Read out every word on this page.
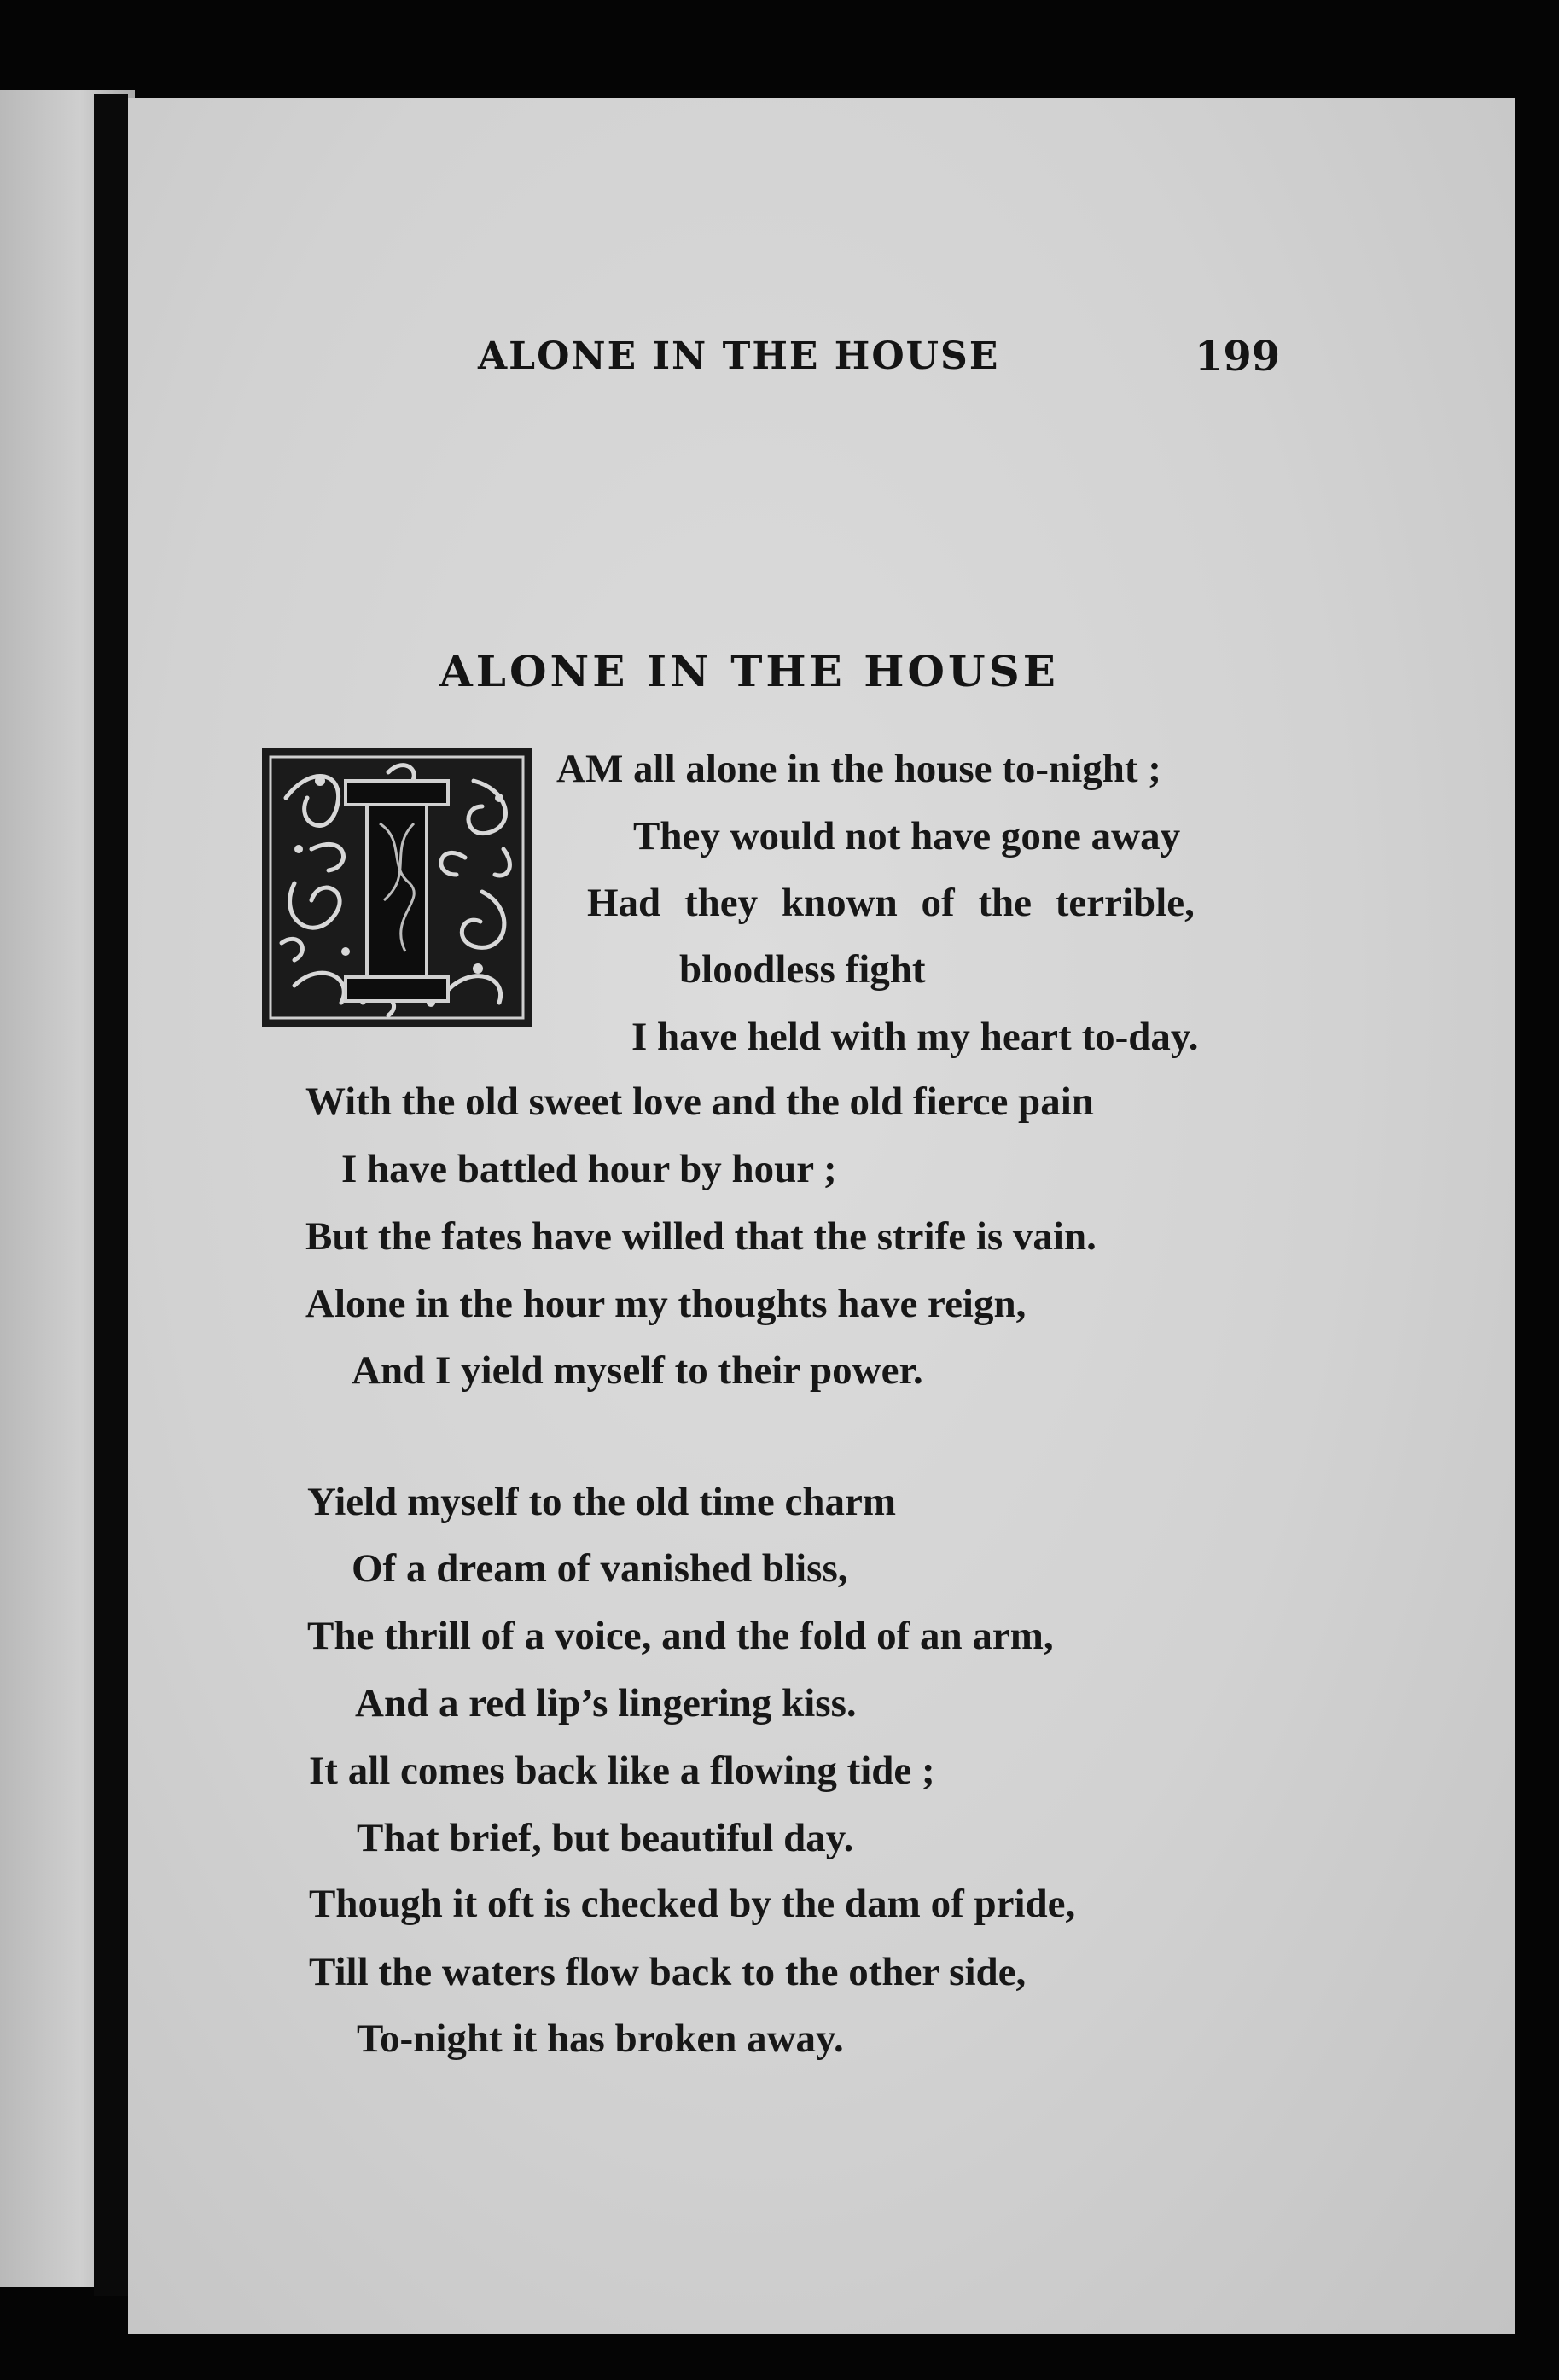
ALONE IN THE HOUSE	199
ALONE IN THE HOUSE
AM all alone in the house to-night ;
They would not have gone away
Had they known of the terrible,
bloodless fight
I have held with my heart to-day.
With the old sweet love and the old fierce pain
I have battled hour by hour ;
But the fates have willed that the strife is vain.
Alone in the hour my thoughts have reign,
And I yield myself to their power.
Yield myself to the old time charm
Of a dream of vanished bliss,
The thrill of a voice, and the fold of an arm,
And a red lip’s lingering kiss.
It all comes back like a flowing tide ;
That brief, but beautiful day.
Though it oft is checked by the dam of pride,
Till the waters flow back to the other side,
To-night it has broken away.
